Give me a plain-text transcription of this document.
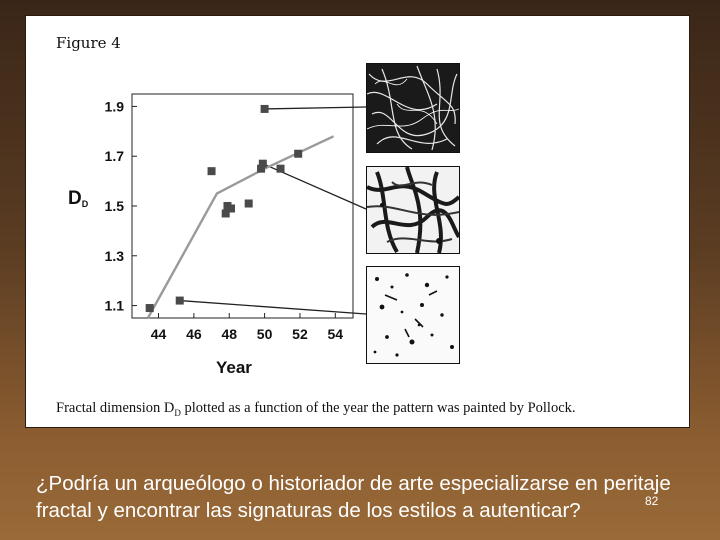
Figure 4
DD
Year
1.1
1.3
1.5
1.7
1.9
44 46 48 50 52 54
Fractal dimension $D_D$ plotted as a function of the year the pattern was painted by Pollock.
¿Podría un arqueólogo o historiador de arte especializarse en peritaje fractal y encontrar las signaturas de los estilos a autenticar?	82
